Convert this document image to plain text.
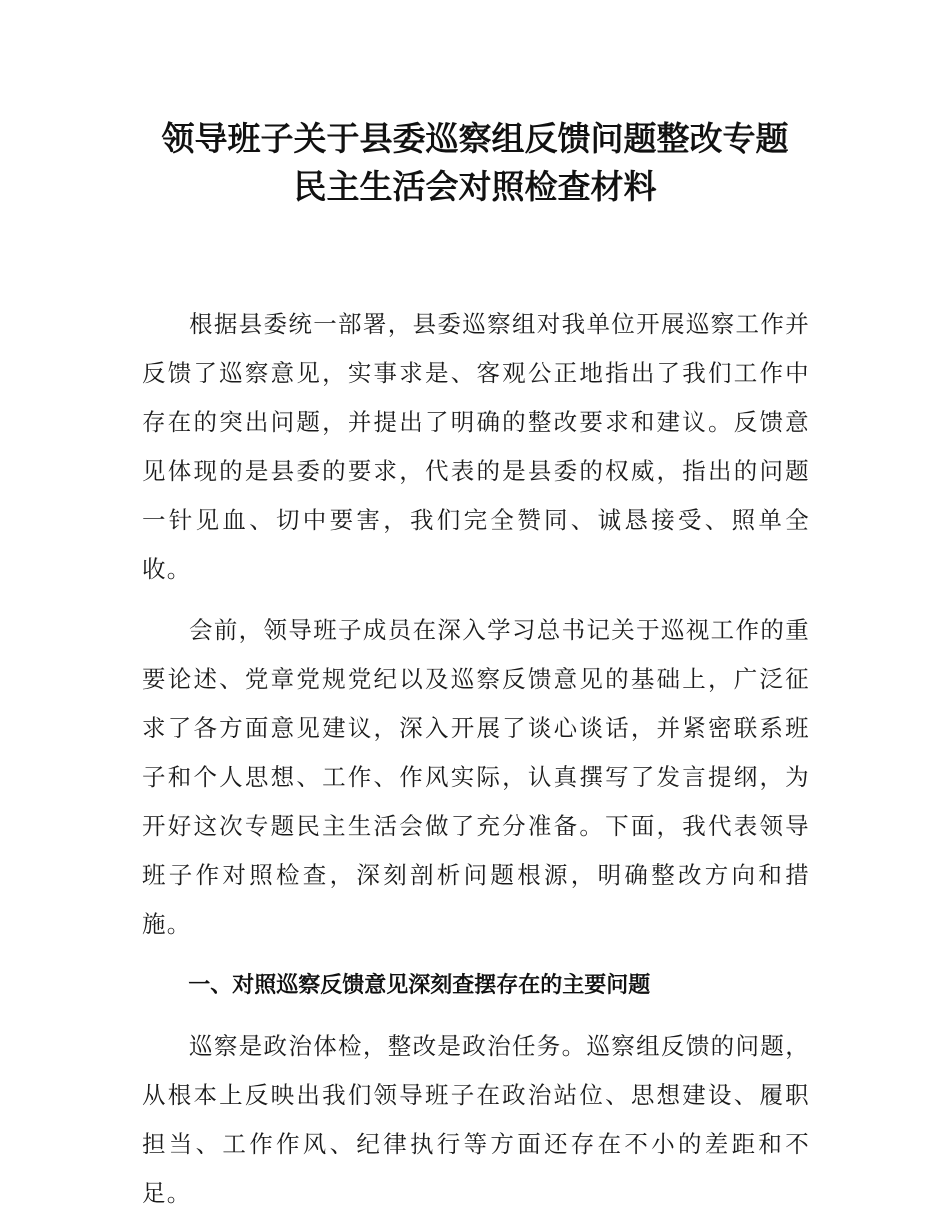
领导班子关于县委巡察组反馈问题整改专题
民主生活会对照检查材料

根据县委统一部署，县委巡察组对我单位开展巡察工作并反馈了巡察意见，实事求是、客观公正地指出了我们工作中存在的突出问题，并提出了明确的整改要求和建议。反馈意见体现的是县委的要求，代表的是县委的权威，指出的问题一针见血、切中要害，我们完全赞同、诚恳接受、照单全收。

会前，领导班子成员在深入学习总书记关于巡视工作的重要论述、党章党规党纪以及巡察反馈意见的基础上，广泛征求了各方面意见建议，深入开展了谈心谈话，并紧密联系班子和个人思想、工作、作风实际，认真撰写了发言提纲，为开好这次专题民主生活会做了充分准备。下面，我代表领导班子作对照检查，深刻剖析问题根源，明确整改方向和措施。

一、对照巡察反馈意见深刻查摆存在的主要问题

巡察是政治体检，整改是政治任务。巡察组反馈的问题，从根本上反映出我们领导班子在政治站位、思想建设、履职担当、工作作风、纪律执行等方面还存在不小的差距和不足。
